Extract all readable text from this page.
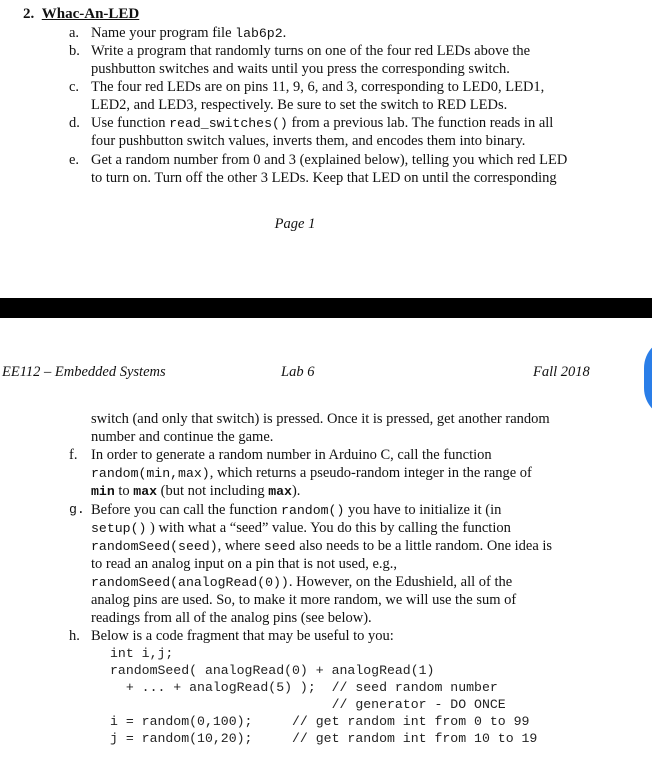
2. Whac-An-LED
a. Name your program file lab6p2.
b. Write a program that randomly turns on one of the four red LEDs above the
pushbutton switches and waits until you press the corresponding switch.
c. The four red LEDs are on pins 11, 9, 6, and 3, corresponding to LED0, LED1,
LED2, and LED3, respectively. Be sure to set the switch to RED LEDs.
d. Use function read_switches() from a previous lab. The function reads in all
four pushbutton switch values, inverts them, and encodes them into binary.
e. Get a random number from 0 and 3 (explained below), telling you which red LED
to turn on. Turn off the other 3 LEDs. Keep that LED on until the corresponding
Page 1
EE112 – Embedded Systems	Lab 6	Fall 2018
switch (and only that switch) is pressed. Once it is pressed, get another random
number and continue the game.
f. In order to generate a random number in Arduino C, call the function
random(min,max), which returns a pseudo-random integer in the range of
min to max (but not including max).
g. Before you can call the function random() you have to initialize it (in
setup() ) with what a “seed” value. You do this by calling the function
randomSeed(seed), where seed also needs to be a little random. One idea is
to read an analog input on a pin that is not used, e.g.,
randomSeed(analogRead(0)). However, on the Edushield, all of the
analog pins are used. So, to make it more random, we will use the sum of
readings from all of the analog pins (see below).
h. Below is a code fragment that may be useful to you:
int i,j;
randomSeed( analogRead(0) + analogRead(1)
+ ... + analogRead(5) );  // seed random number
// generator - DO ONCE
i = random(0,100);     // get random int from 0 to 99
j = random(10,20);     // get random int from 10 to 19
